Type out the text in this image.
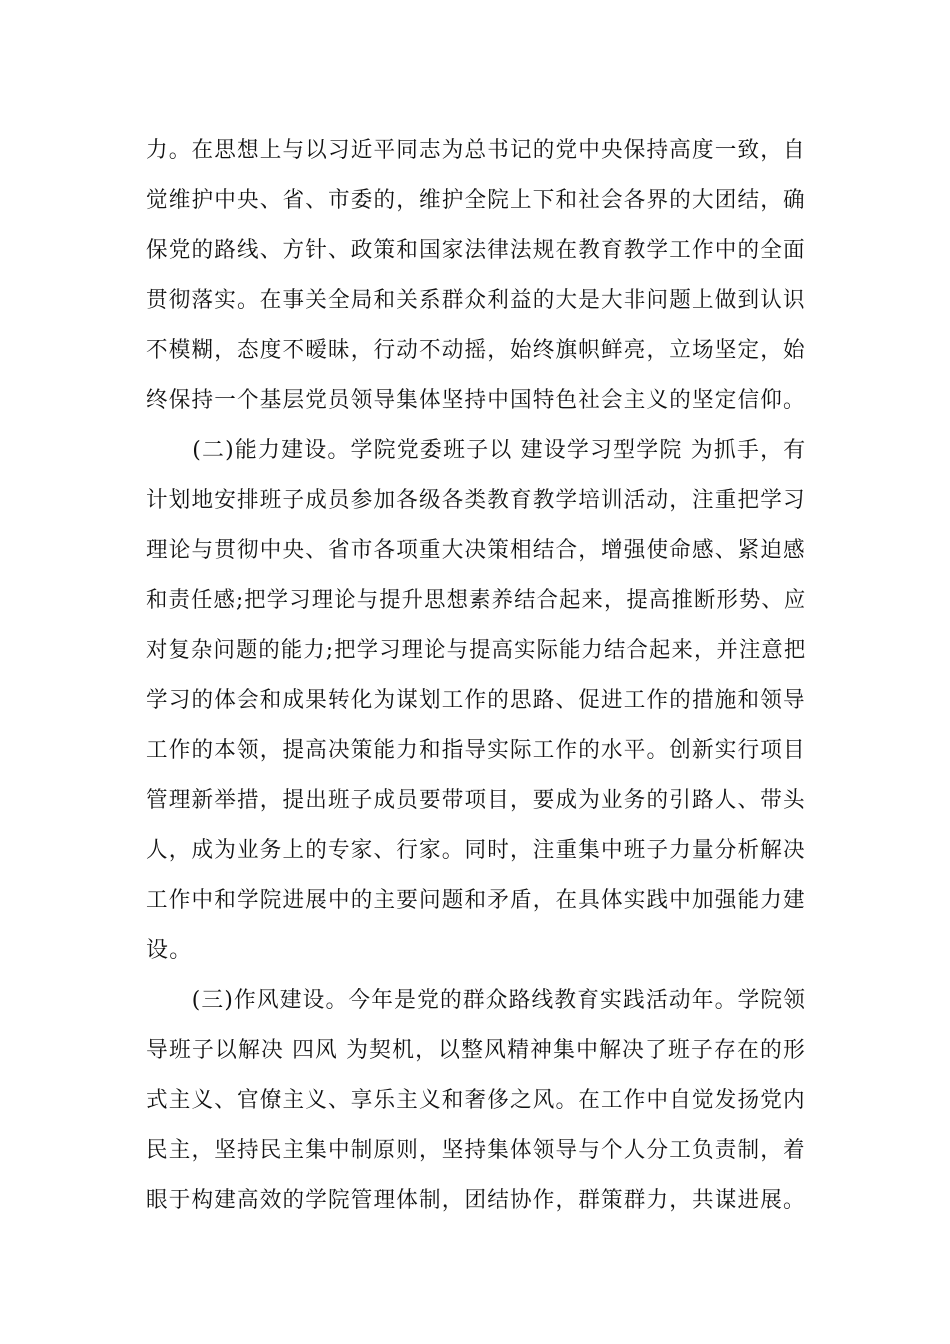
力。在思想上与以习近平同志为总书记的党中央保持高度一致，自
觉维护中央、省、市委的，维护全院上下和社会各界的大团结，确
保党的路线、方针、政策和国家法律法规在教育教学工作中的全面
贯彻落实。在事关全局和关系群众利益的大是大非问题上做到认识
不模糊，态度不暧昧，行动不动摇，始终旗帜鲜亮，立场坚定，始
终保持一个基层党员领导集体坚持中国特色社会主义的坚定信仰。
　　(二)能力建设。学院党委班子以 建设学习型学院 为抓手，有
计划地安排班子成员参加各级各类教育教学培训活动，注重把学习
理论与贯彻中央、省市各项重大决策相结合，增强使命感、紧迫感
和责任感;把学习理论与提升思想素养结合起来，提高推断形势、应
对复杂问题的能力;把学习理论与提高实际能力结合起来，并注意把
学习的体会和成果转化为谋划工作的思路、促进工作的措施和领导
工作的本领，提高决策能力和指导实际工作的水平。创新实行项目
管理新举措，提出班子成员要带项目，要成为业务的引路人、带头
人，成为业务上的专家、行家。同时，注重集中班子力量分析解决
工作中和学院进展中的主要问题和矛盾，在具体实践中加强能力建
设。
　　(三)作风建设。今年是党的群众路线教育实践活动年。学院领
导班子以解决 四风 为契机，以整风精神集中解决了班子存在的形
式主义、官僚主义、享乐主义和奢侈之风。在工作中自觉发扬党内
民主，坚持民主集中制原则，坚持集体领导与个人分工负责制，着
眼于构建高效的学院管理体制，团结协作，群策群力，共谋进展。
